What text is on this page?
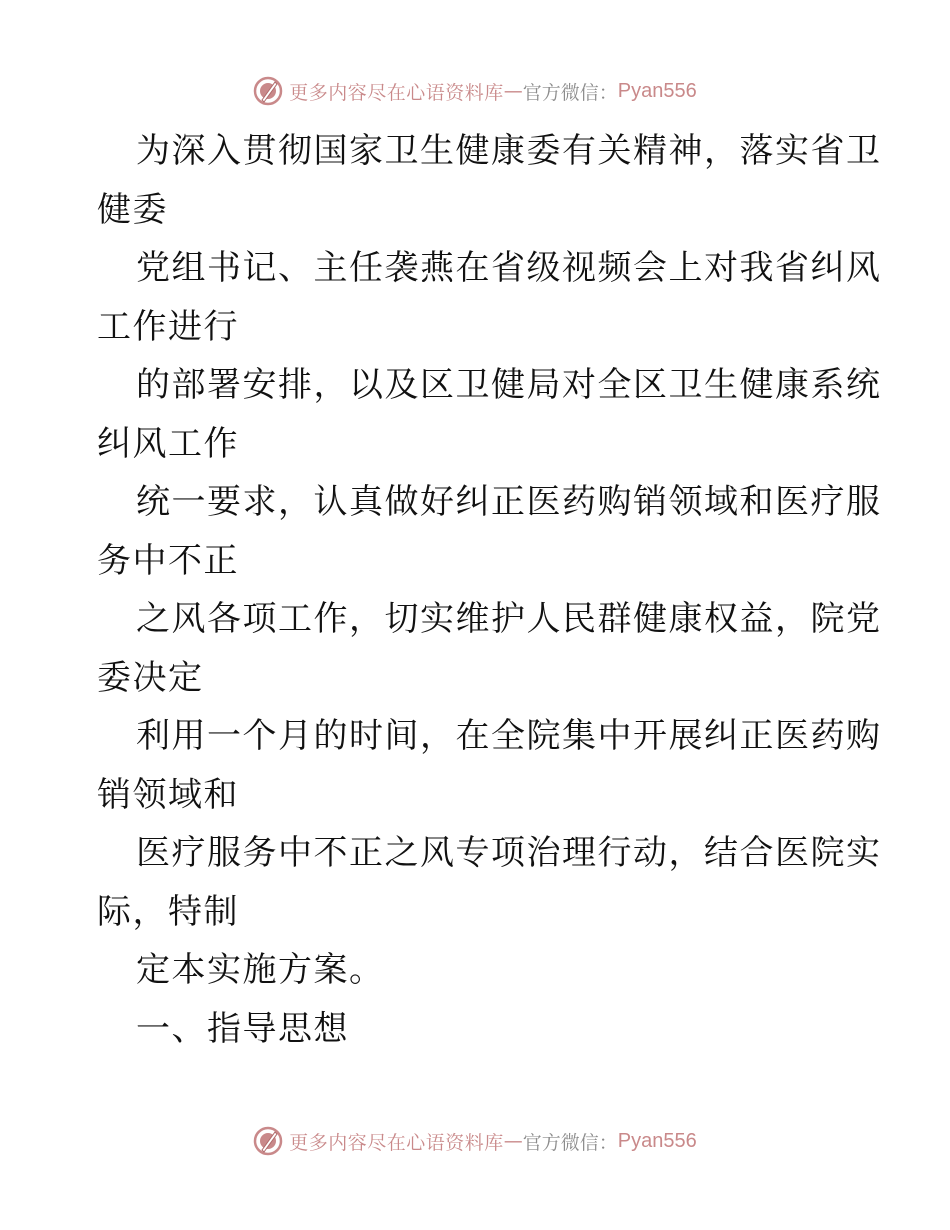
更多内容尽在心语资料库 — 官方微信： Pyan556
为深入贯彻国家卫生健康委有关精神，落实省卫
健委
党组书记、主任袭燕在省级视频会上对我省纠风
工作进行
的部署安排，以及区卫健局对全区卫生健康系统
纠风工作
统一要求，认真做好纠正医药购销领域和医疗服
务中不正
之风各项工作，切实维护人民群健康权益，院党
委决定
利用一个月的时间，在全院集中开展纠正医药购
销领域和
医疗服务中不正之风专项治理行动，结合医院实
际，特制
定本实施方案。
一、指导思想
更多内容尽在心语资料库 — 官方微信： Pyan556
